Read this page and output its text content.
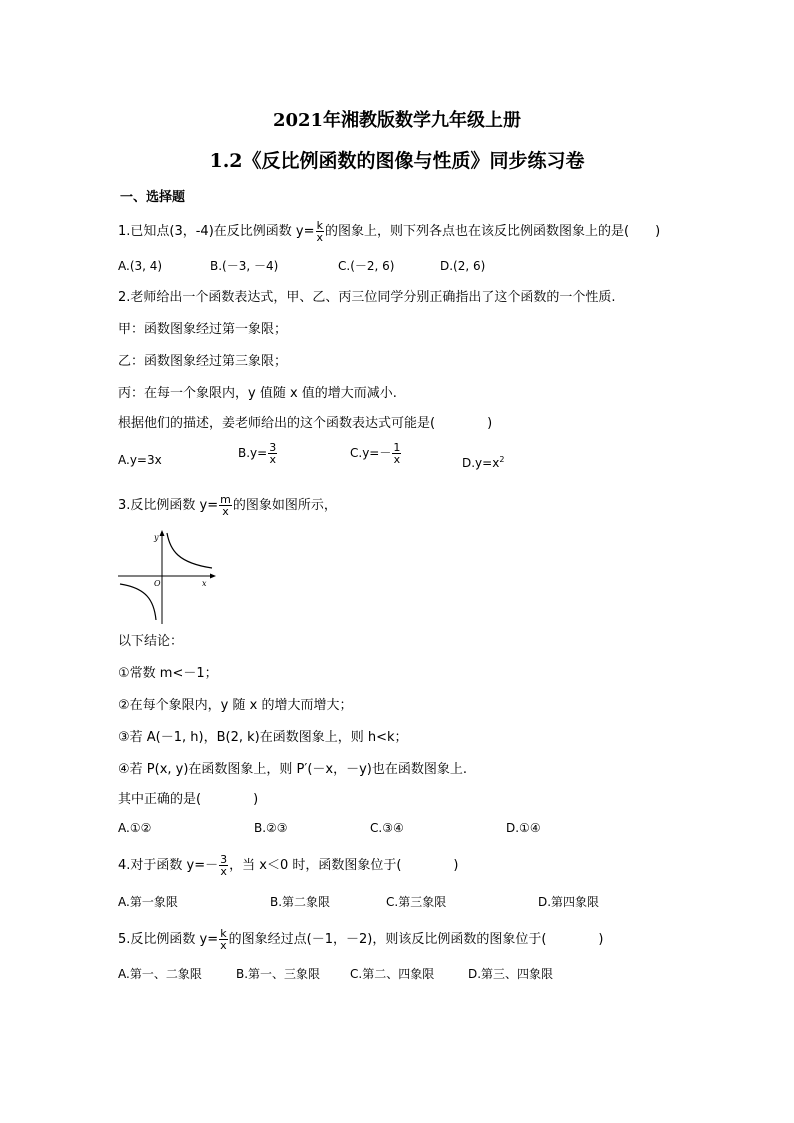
2021年湘教版数学九年级上册
1.2《反比例函数的图像与性质》同步练习卷
一、选择题
1.已知点(3，-4)在反比例函数 $y= \frac{k}{x}$ 的图象上，则下列各点也在该反比例函数图象上的是(　　)
A.(3, 4)	B.(－3, －4)	C.(－2, 6)	D.(2, 6)
2.老师给出一个函数表达式，甲、乙、丙三位同学分别正确指出了这个函数的一个性质.
甲：函数图象经过第一象限；
乙：函数图象经过第三象限；
丙：在每一个象限内，y 值随 x 值的增大而减小.
根据他们的描述，姜老师给出的这个函数表达式可能是(　　　　)
A.y=3x	$B.y= \frac{3}{x}$	$C.y=- \frac{1}{x}$	$D.y=x^2$
3.反比例函数 $y= \frac{m}{x}$ 的图象如图所示，
y
x
O
以下结论：
①常数 m<－1；
②在每个象限内，y 随 x 的增大而增大；
③若 A(－1, h)，B(2, k)在函数图象上，则 h<k；
④若 P(x, y)在函数图象上，则 P′(－x，－y)也在函数图象上.
其中正确的是(　　　　)
A.①②	B.②③	C.③④	D.①④
4.对于函数 $y=- \frac{3}{x}$ ，当 x＜0 时，函数图象位于(　　　　)
A.第一象限	B.第二象限	C.第三象限	D.第四象限
5.反比例函数 $y= \frac{k}{x}$ 的图象经过点(－1，－2)，则该反比例函数的图象位于(　　　　)
A.第一、二象限	B.第一、三象限 C.第二、四象限	D.第三、四象限
